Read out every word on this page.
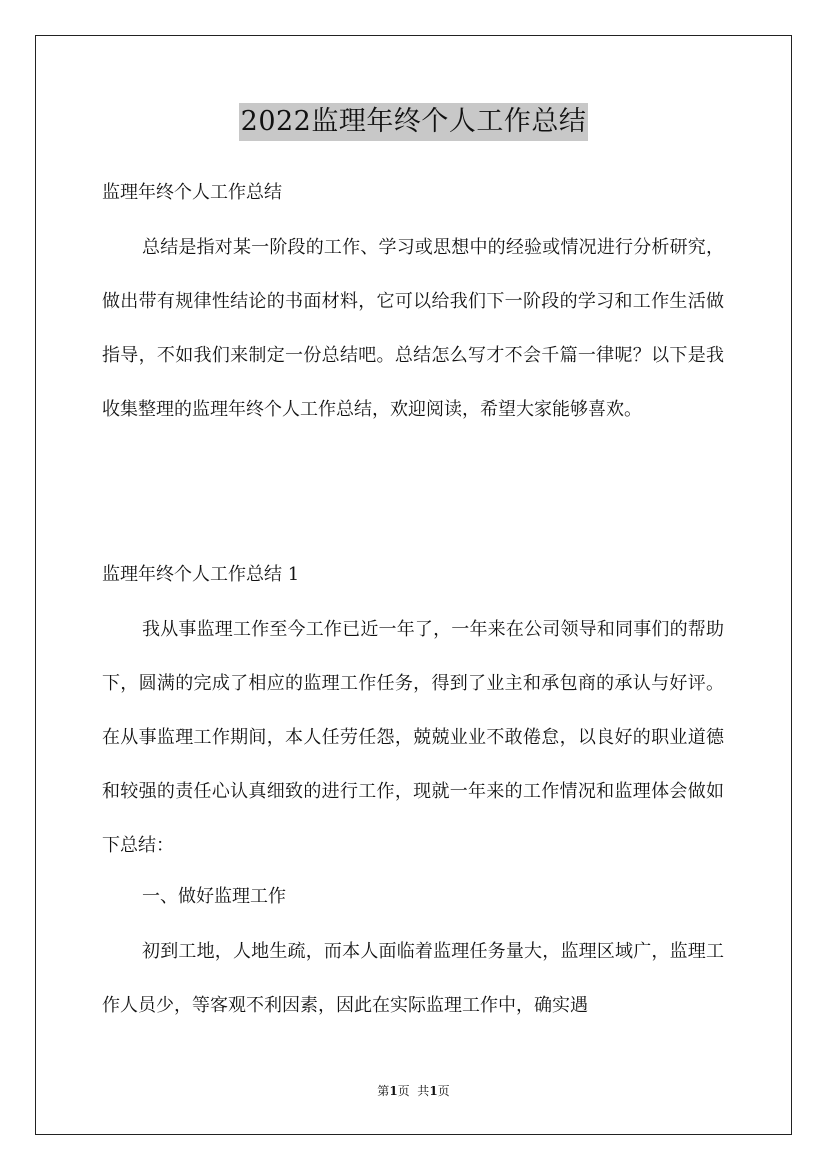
2022监理年终个人工作总结
监理年终个人工作总结
总结是指对某一阶段的工作、学习或思想中的经验或情况进行分析研究，做出带有规律性结论的书面材料，它可以给我们下一阶段的学习和工作生活做指导，不如我们来制定一份总结吧。总结怎么写才不会千篇一律呢？以下是我收集整理的监理年终个人工作总结，欢迎阅读，希望大家能够喜欢。
监理年终个人工作总结 1
我从事监理工作至今工作已近一年了，一年来在公司领导和同事们的帮助下，圆满的完成了相应的监理工作任务，得到了业主和承包商的承认与好评。在从事监理工作期间，本人任劳任怨，兢兢业业不敢倦怠，以良好的职业道德和较强的责任心认真细致的进行工作，现就一年来的工作情况和监理体会做如下总结：
一、做好监理工作
初到工地，人地生疏，而本人面临着监理任务量大，监理区域广，监理工作人员少，等客观不利因素，因此在实际监理工作中，确实遇
第1页  共1页
